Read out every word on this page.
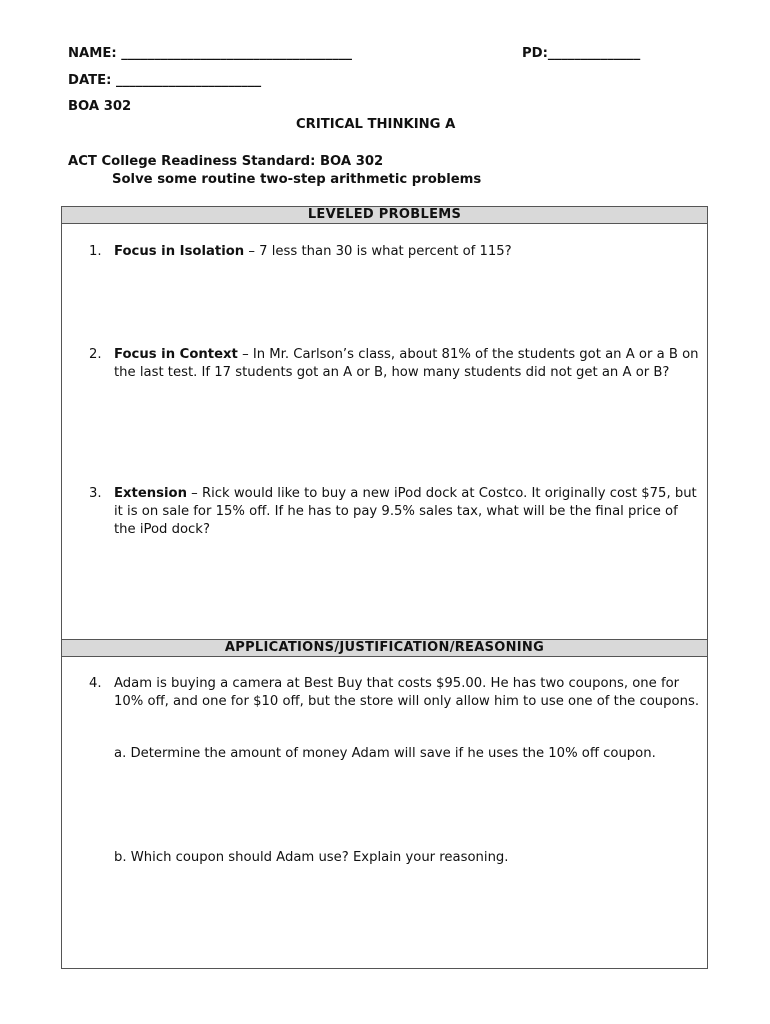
NAME: ___________________________________	PD:______________
DATE: ______________________
BOA 302
CRITICAL THINKING A
ACT College Readiness Standard: BOA 302
Solve some routine two-step arithmetic problems
LEVELED PROBLEMS
1. Focus in Isolation – 7 less than 30 is what percent of 115?
2. Focus in Context – In Mr. Carlson’s class, about 81% of the students got an A or a B on the last test. If 17 students got an A or B, how many students did not get an A or B?
3. Extension – Rick would like to buy a new iPod dock at Costco. It originally cost $75, but it is on sale for 15% off. If he has to pay 9.5% sales tax, what will be the final price of the iPod dock?
APPLICATIONS/JUSTIFICATION/REASONING
4. Adam is buying a camera at Best Buy that costs $95.00. He has two coupons, one for 10% off, and one for $10 off, but the store will only allow him to use one of the coupons.
a. Determine the amount of money Adam will save if he uses the 10% off coupon.
b. Which coupon should Adam use? Explain your reasoning.
